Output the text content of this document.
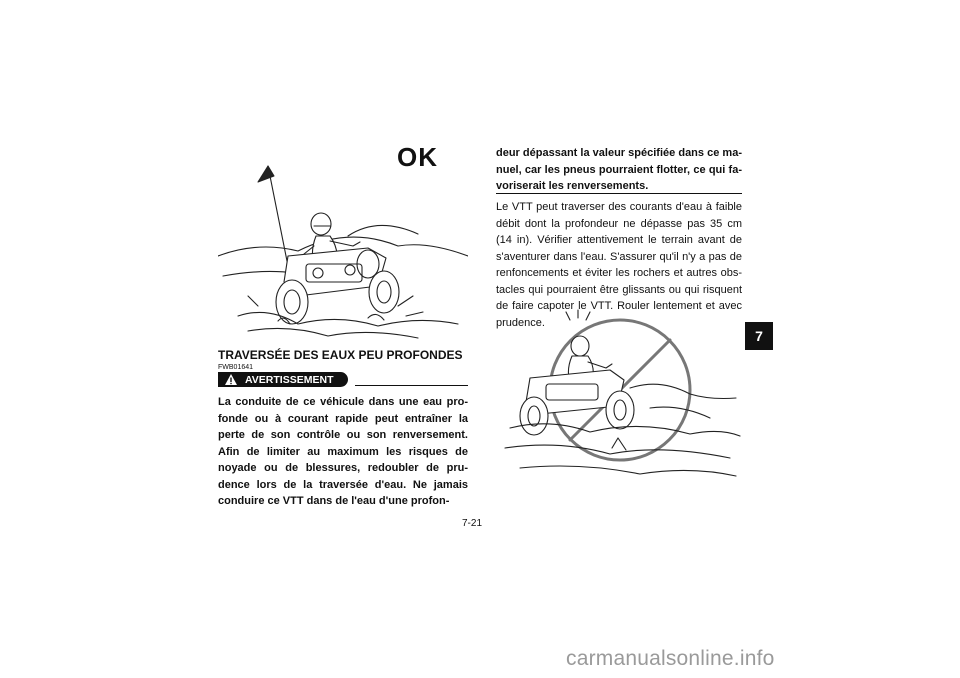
OK
TRAVERSÉE DES EAUX PEU PROFONDES
FWB01641
AVERTISSEMENT
La conduite de ce véhicule dans une eau pro-fonde ou à courant rapide peut entraîner la perte de son contrôle ou son renversement. Afin de limiter au maximum les risques de noyade ou de blessures, redoubler de pru-dence lors de la traversée d'eau. Ne jamais conduire ce VTT dans de l'eau d'une profon-
deur dépassant la valeur spécifiée dans ce ma-nuel, car les pneus pourraient flotter, ce qui fa-voriserait les renversements.
Le VTT peut traverser des courants d'eau à faible débit dont la profondeur ne dépasse pas 35 cm (14 in). Vérifier attentivement le terrain avant de s'aventurer dans l'eau. S'assurer qu'il n'y a pas de renfoncements et éviter les rochers et autres obs-tacles qui pourraient être glissants ou qui risquent de faire capoter le VTT. Rouler lentement et avec prudence.
7
7-21
carmanualsonline.info
